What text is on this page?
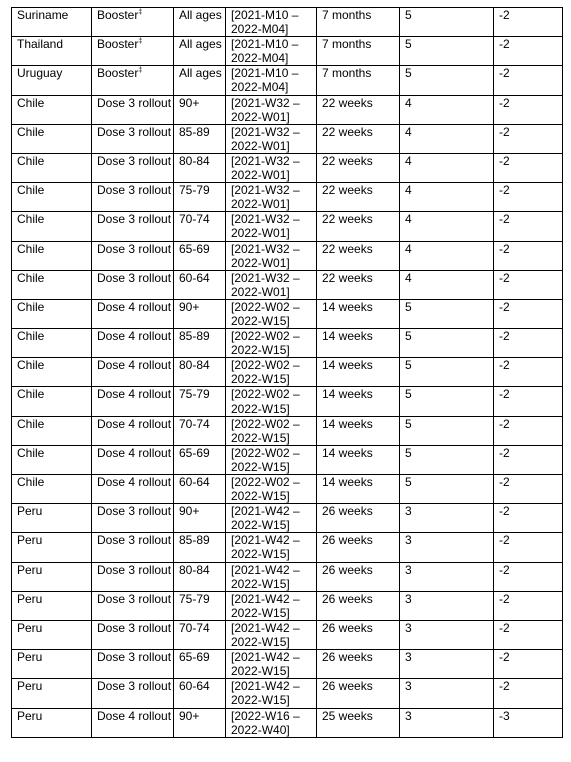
Suriname	Booster‡	All ages	[2021-M10 – 2022-M04]	7 months	5	-2
Thailand	Booster‡	All ages	[2021-M10 – 2022-M04]	7 months	5	-2
Uruguay	Booster‡	All ages	[2021-M10 – 2022-M04]	7 months	5	-2
Chile	Dose 3 rollout	90+	[2021-W32 – 2022-W01]	22 weeks	4	-2
Chile	Dose 3 rollout	85-89	[2021-W32 – 2022-W01]	22 weeks	4	-2
Chile	Dose 3 rollout	80-84	[2021-W32 – 2022-W01]	22 weeks	4	-2
Chile	Dose 3 rollout	75-79	[2021-W32 – 2022-W01]	22 weeks	4	-2
Chile	Dose 3 rollout	70-74	[2021-W32 – 2022-W01]	22 weeks	4	-2
Chile	Dose 3 rollout	65-69	[2021-W32 – 2022-W01]	22 weeks	4	-2
Chile	Dose 3 rollout	60-64	[2021-W32 – 2022-W01]	22 weeks	4	-2
Chile	Dose 4 rollout	90+	[2022-W02 – 2022-W15]	14 weeks	5	-2
Chile	Dose 4 rollout	85-89	[2022-W02 – 2022-W15]	14 weeks	5	-2
Chile	Dose 4 rollout	80-84	[2022-W02 – 2022-W15]	14 weeks	5	-2
Chile	Dose 4 rollout	75-79	[2022-W02 – 2022-W15]	14 weeks	5	-2
Chile	Dose 4 rollout	70-74	[2022-W02 – 2022-W15]	14 weeks	5	-2
Chile	Dose 4 rollout	65-69	[2022-W02 – 2022-W15]	14 weeks	5	-2
Chile	Dose 4 rollout	60-64	[2022-W02 – 2022-W15]	14 weeks	5	-2
Peru	Dose 3 rollout	90+	[2021-W42 – 2022-W15]	26 weeks	3	-2
Peru	Dose 3 rollout	85-89	[2021-W42 – 2022-W15]	26 weeks	3	-2
Peru	Dose 3 rollout	80-84	[2021-W42 – 2022-W15]	26 weeks	3	-2
Peru	Dose 3 rollout	75-79	[2021-W42 – 2022-W15]	26 weeks	3	-2
Peru	Dose 3 rollout	70-74	[2021-W42 – 2022-W15]	26 weeks	3	-2
Peru	Dose 3 rollout	65-69	[2021-W42 – 2022-W15]	26 weeks	3	-2
Peru	Dose 3 rollout	60-64	[2021-W42 – 2022-W15]	26 weeks	3	-2
Peru	Dose 4 rollout	90+	[2022-W16 – 2022-W40]	25 weeks	3	-3
